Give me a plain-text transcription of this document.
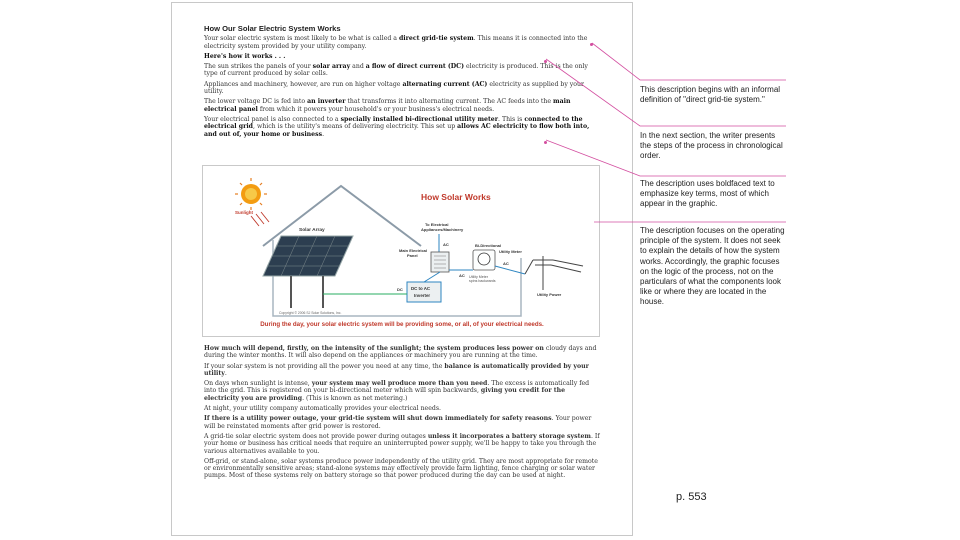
How Our Solar Electric System Works

Your solar electric system is most likely to be what is called a direct grid-tie system. This means it is connected into the electricity system provided by your utility company.

Here's how it works . . .

The sun strikes the panels of your solar array and a flow of direct current (DC) electricity is produced. This is the only type of current produced by solar cells.

Appliances and machinery, however, are run on higher voltage alternating current (AC) electricity as supplied by your utility.

The lower voltage DC is fed into an inverter that transforms it into alternating current. The AC feeds into the main electrical panel from which it powers your household's or your business's electrical needs.

Your electrical panel is also connected to a specially installed bi-directional utility meter. This is connected to the electrical grid, which is the utility's means of delivering electricity. This set up allows AC electricity to flow both into, and out of, your home or business.

Sunlight
How Solar Works
Solar Array
To Electrical
Appliances/Machinery
AC
Main Electrical
Panel
Bi-Directional
Utility Meter
AC Utility Meter
spins backwards
AC
Utility Power
DC to AC
Inverter
DC
Copyright © 2006 SJ Solar Solutions, Inc.
During the day, your solar electric system will be providing some, or all, of your electrical needs.

How much will depend, firstly, on the intensity of the sunlight; the system produces less power on cloudy days and during the winter months. It will also depend on the appliances or machinery you are running at the time.

If your solar system is not providing all the power you need at any time, the balance is automatically provided by your utility.

On days when sunlight is intense, your system may well produce more than you need. The excess is automatically fed into the grid. This is registered on your bi-directional meter which will spin backwards, giving you credit for the electricity you are providing. (This is known as net metering.)

At night, your utility company automatically provides your electrical needs.

If there is a utility power outage, your grid-tie system will shut down immediately for safety reasons. Your power will be reinstated moments after grid power is restored.

A grid-tie solar electric system does not provide power during outages unless it incorporates a battery storage system. If your home or business has critical needs that require an uninterrupted power supply, we'll be happy to take you through the various alternatives available to you.

Off-grid, or stand-alone, solar systems produce power independently of the utility grid. They are most appropriate for remote or environmentally sensitive areas; stand-alone systems may effectively provide farm lighting, fence charging or solar water pumps. Most of these systems rely on battery storage so that power produced during the day can be used at night.

This description begins with an informal definition of "direct grid-tie system."
In the next section, the writer presents the steps of the process in chronological order.
The description uses boldfaced text to emphasize key terms, most of which appear in the graphic.
The description focuses on the operating principle of the system. It does not seek to explain the details of how the system works. Accordingly, the graphic focuses on the logic of the process, not on the particulars of what the components look like or where they are located in the house.
p. 553
